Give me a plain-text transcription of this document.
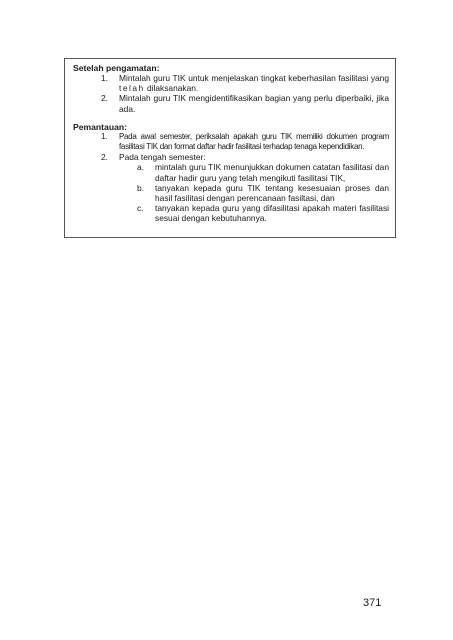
Setelah pengamatan:

1. Mintalah guru TIK untuk menjelaskan tingkat keberhasilan fasilitasi yang telah dilaksanakan.
2. Mintalah guru TIK mengidentifikasikan bagian yang perlu diperbaiki, jika ada.

Pemantauan:

1. Pada awal semester, periksalah apakah guru TIK memiliki dokumen program fasilitasi TIK dan format daftar hadir fasilitasi terhadap tenaga kependidikan.
2. Pada tengah semester:
a. mintalah guru TIK menunjukkan dokumen catatan fasilitasi dan daftar hadir guru yang telah mengikuti fasilitasi TIK,
b. tanyakan kepada guru TIK tentang kesesuaian proses dan hasil fasilitasi dengan perencanaan fasiltasi, dan
c. tanyakan kepada guru yang difasilitasi apakah materi fasilitasi sesuai dengan kebutuhannya.
371
